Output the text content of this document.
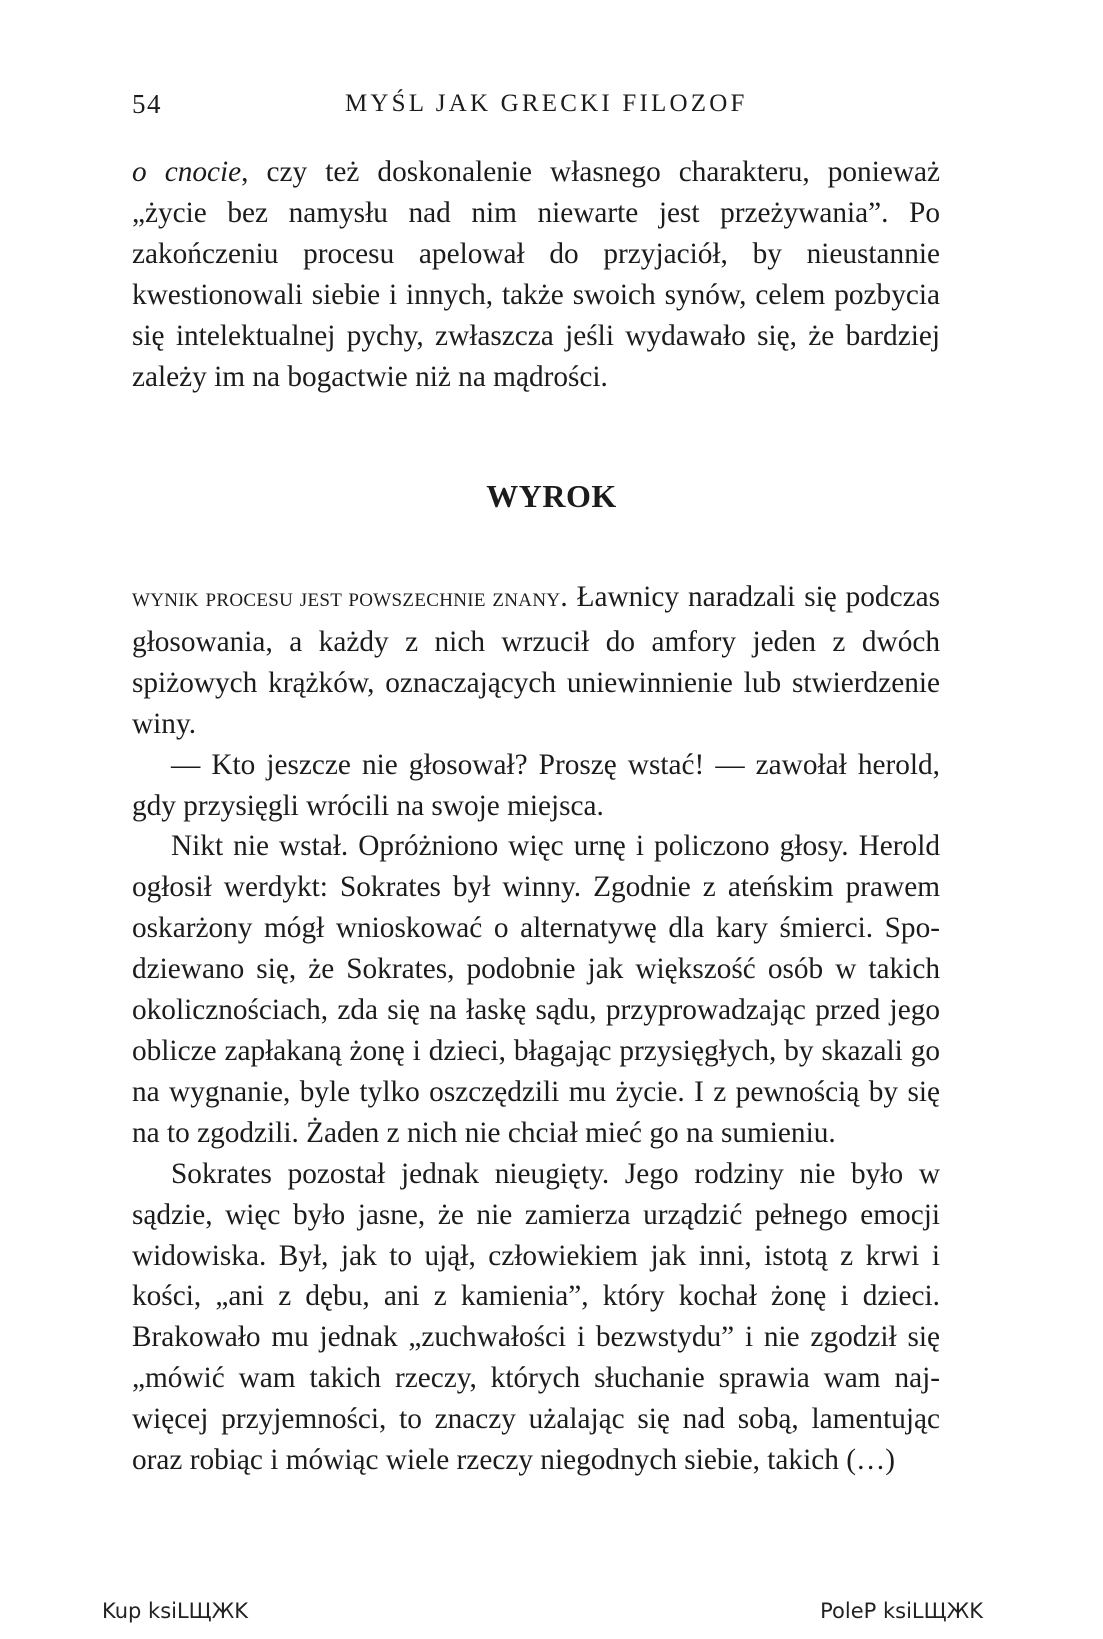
54	MYŚL JAK GRECKI FILOZOF

o cnocie, czy też doskonalenie własnego charakteru, ponieważ „życie bez namysłu nad nim niewarte jest przeżywania”. Po zakończeniu procesu apelował do przyjaciół, by nieustannie kwestionowali siebie i innych, także swoich synów, celem pozbycia się intelektualnej pychy, zwłaszcza jeśli wydawało się, że bardziej zależy im na bogactwie niż na mądrości.

WYROK

WYNIK PROCESU JEST POWSZECHNIE ZNANY. Ławnicy naradzali się podczas głosowania, a każdy z nich wrzucił do amfory jeden z dwóch spiżowych krążków, oznaczających uniewinnienie lub stwierdzenie winy.

— Kto jeszcze nie głosował? Proszę wstać! — zawołał herold, gdy przysięgli wrócili na swoje miejsca.

Nikt nie wstał. Opróżniono więc urnę i policzono głosy. Herold ogłosił werdykt: Sokrates był winny. Zgodnie z ateńskim prawem oskarżony mógł wnioskować o alternatywę dla kary śmierci. Spodziewano się, że Sokrates, podobnie jak większość osób w takich okolicznościach, zda się na łaskę sądu, przyprowadzając przed jego oblicze zapłakaną żonę i dzieci, błagając przysięgłych, by skazali go na wygnanie, byle tylko oszczędzili mu życie. I z pewnością by się na to zgodzili. Żaden z nich nie chciał mieć go na sumieniu.

Sokrates pozostał jednak nieugięty. Jego rodziny nie było w sądzie, więc było jasne, że nie zamierza urządzić pełnego emocji widowiska. Był, jak to ujął, człowiekiem jak inni, istotą z krwi i kości, „ani z dębu, ani z kamienia”, który kochał żonę i dzieci. Brakowało mu jednak „zuchwałości i bezwstydu” i nie zgodził się „mówić wam takich rzeczy, których słuchanie sprawia wam najwięcej przyjemności, to znaczy użalając się nad sobą, lamentując oraz robiąc i mówiąc wiele rzeczy niegodnych siebie, takich (…)

Kup ksiLЩЖK	PoleP ksiLЩЖK
